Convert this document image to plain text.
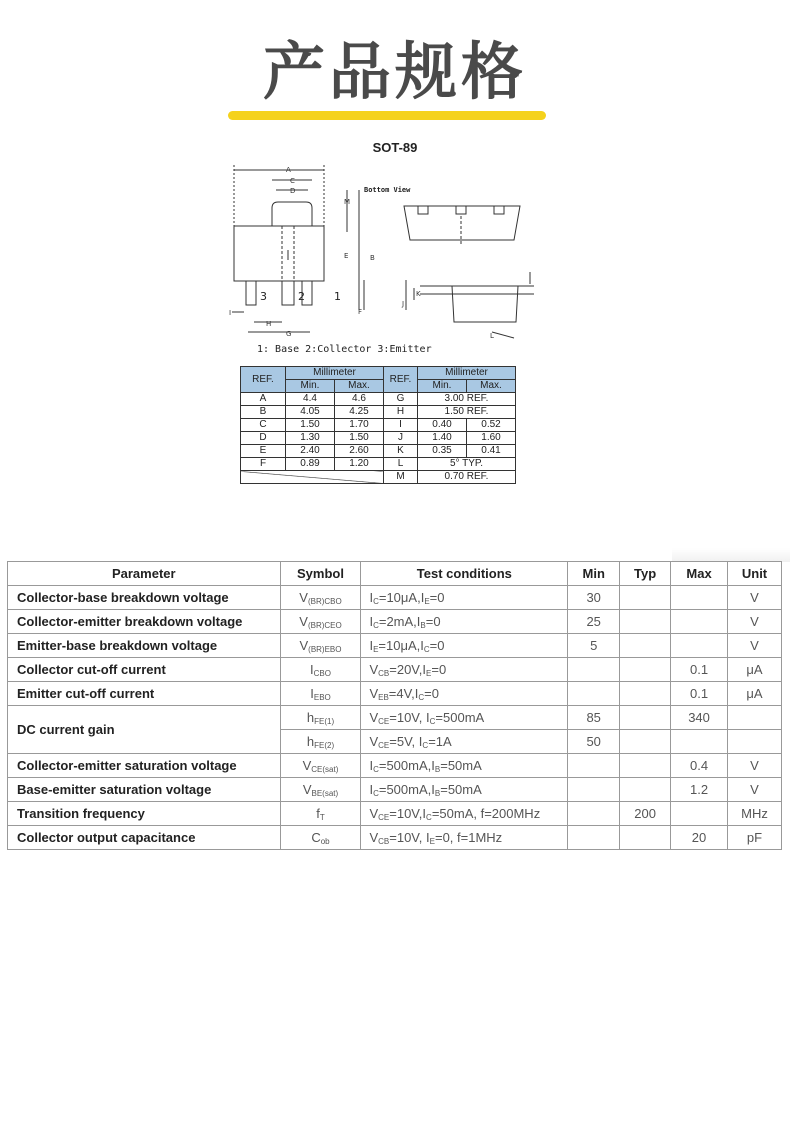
产品规格
SOT-89
A
C
D
M
E	B
F
I
H
G
K
J
L
3	2	1
Bottom View
1: Base 2:Collector 3:Emitter
REF.	Millimeter		REF.	Millimeter	
	Min.	Max.		Min.	Max.
A	4.4	4.6	G	3.00 REF.	
B	4.05	4.25	H	1.50 REF.	
C	1.50	1.70	I	0.40	0.52
D	1.30	1.50	J	1.40	1.60
E	2.40	2.60	K	0.35	0.41
F	0.89	1.20	L	5° TYP.	
			M	0.70 REF.	
Parameter	Symbol	Test conditions	Min	Typ	Max	Unit
Collector-base breakdown voltage	$V_{(BR)CBO}$	$I_C=10\mu A,I_E=0$	30			V
Collector-emitter breakdown voltage	$V_{(BR)CEO}$	$I_C=2mA,I_B=0$	25			V
Emitter-base breakdown voltage	$V_{(BR)EBO}$	$I_E=10\mu A,I_C=0$	5			V
Collector cut-off current	$I_{CBO}$	$V_{CB}=20V,I_E=0$			0.1	μA
Emitter cut-off current	$I_{EBO}$	$V_{EB}=4V,I_C=0$			0.1	μA
DC current gain	$h_{FE(1)}$	$V_{CE}=10V$, $I_C=500mA$	85		340	
	$h_{FE(2)}$	$V_{CE}=5V$, $I_C=1A$	50			
Collector-emitter saturation voltage	$V_{CE(sat)}$	$I_C=500mA,I_B=50mA$			0.4	V
Base-emitter saturation voltage	$V_{BE(sat)}$	$I_C=500mA,I_B=50mA$			1.2	V
Transition frequency	$f_T$	$V_{CE}=10V,I_C=50mA$, f=200MHz		200		MHz
Collector output capacitance	$C_{ob}$	$V_{CB}=10V$, $I_E=0$, f=1MHz			20	pF
